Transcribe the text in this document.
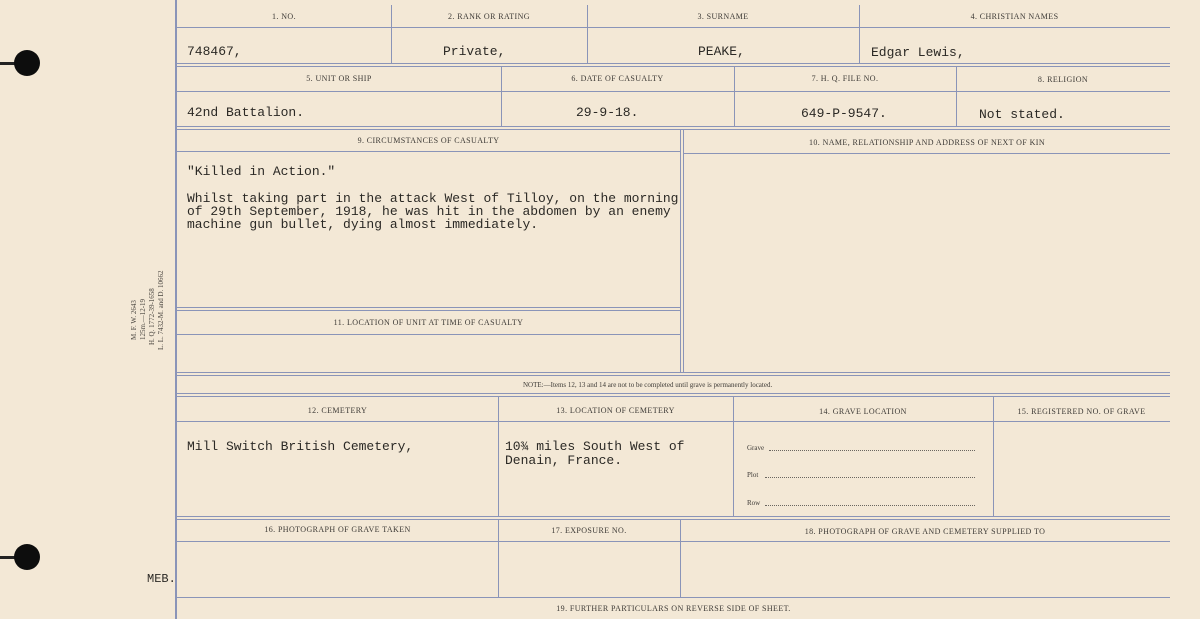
M. F. W. 2643 125m.—12-19 H. Q. 1772-39-1658 L. L. 7432-M. and D. 10662
1. NO.	2. RANK OR RATING	3. SURNAME	4. CHRISTIAN NAMES
748467,	Private,	PEAKE,	Edgar Lewis,
5. UNIT OR SHIP	6. DATE OF CASUALTY	7. H. Q. FILE NO.	8. RELIGION
42nd Battalion.	29-9-18.	649-P-9547.	Not stated.
9. CIRCUMSTANCES OF CASUALTY	10. NAME, RELATIONSHIP AND ADDRESS OF NEXT OF KIN
"Killed in Action."
Whilst taking part in the attack West of Tilloy, on the morning
of 29th September, 1918, he was hit in the abdomen by an enemy
machine gun bullet, dying almost immediately.
11. LOCATION OF UNIT AT TIME OF CASUALTY
NOTE:—Items 12, 13 and 14 are not to be completed until grave is permanently located.
12. CEMETERY	13. LOCATION OF CEMETERY	14. GRAVE LOCATION	15. REGISTERED NO. OF GRAVE
Mill Switch British Cemetery,	10¾ miles South West of
Denain, France.
Grave
Plot
Row
16. PHOTOGRAPH OF GRAVE TAKEN	17. EXPOSURE NO.	18. PHOTOGRAPH OF GRAVE AND CEMETERY SUPPLIED TO
19. FURTHER PARTICULARS ON REVERSE SIDE OF SHEET.
MEB.
